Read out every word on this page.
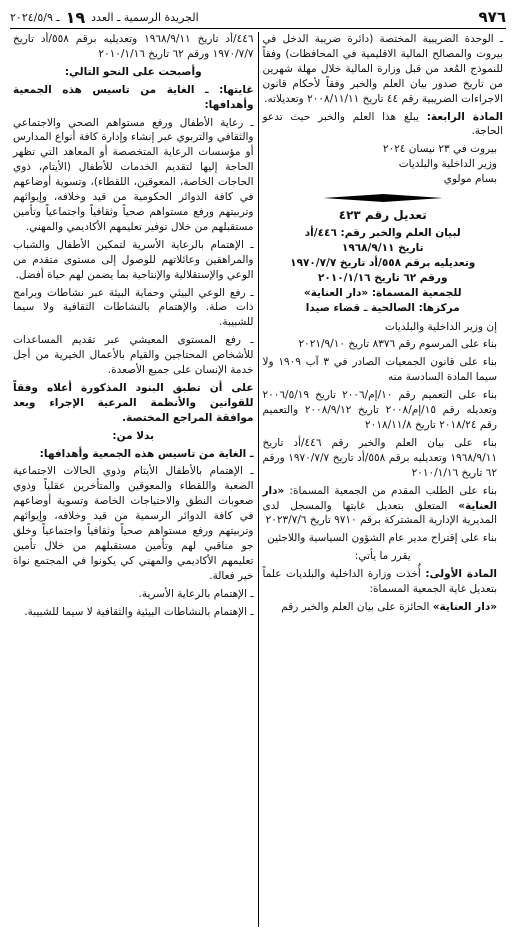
٩٧٦
الجريدة الرسمية ـ العدد
١٩
ـ ٢٠٢٤/٥/٩

ـ الوحدة الضريبية المختصة (دائرة ضريبة الدخل في بيروت والمصالح المالية الاقليمية في المحافظات) وفقاً للنموذج المُعد من قبل وزارة المالية خلال مهلة شهرين من تاريخ صدور بيان العلم والخبر وفقاً لأحكام قانون الاجراءات الضريبية رقم ٤٤ تاريخ ٢٠٠٨/١١/١١ وتعديلاته.

المادة الرابعة: يبلغ هذا العلم والخبر حيث تدعو الحاجة.

بيروت في ٢٣ نيسان ٢٠٢٤

وزير الداخلية والبلديات

بسام مولوي

تعديل رقم ٤٢٣

لبيان العلم والخبر رقم: ٤٤٦/أد

تاريخ ١٩٦٨/٩/١١

وتعديليه برقم ٥٥٨/أد تاريخ ١٩٧٠/٧/٧

ورقم ٦٢ تاريخ ٢٠١٠/١/١٦

للجمعية المسماة: «دار العناية»

مركزها: الصالحية ـ قضاء صيدا

إن وزير الداخلية والبلديات

بناء على المرسوم رقم ٨٣٧٦ تاريخ ٢٠٢١/٩/١٠

بناء على قانون الجمعيات الصادر في ٣ آب ١٩٠٩ ولا سيما المادة السادسة منه

بناء على التعميم رقم ١٠/إم/٢٠٠٦ تاريخ ٢٠٠٦/٥/١٩ وتعديله رقم ١٥/إم/٢٠٠٨ تاريخ ٢٠٠٨/٩/١٢ والتعميم رقم ٢٠١٨/٢٤ تاريخ ٢٠١٨/١١/٨

بناء على بيان العلم والخبر رقم ٤٤٦/أد تاريخ ١٩٦٨/٩/١١ وتعديليه برقم ٥٥٨/أد تاريخ ١٩٧٠/٧/٧ ورقم ٦٢ تاريخ ٢٠١٠/١/١٦

بناء على الطلب المقدم من الجمعية المسماة: «دار العناية» المتعلق بتعديل غايتها والمسجل لدى المديرية الإدارية المشتركة برقم ٩٧١٠ تاريخ ٢٠٢٣/٧/٦

بناء على إقتراح مدير عام الشؤون السياسية واللاجئين

يقرر ما يأتي:

المادة الأولى: أُخذت وزارة الداخلية والبلديات علماً بتعديل غاية الجمعية المسماة:

«دار العناية» الحائزة على بيان العلم والخبر رقم

٤٤٦/أد تاريخ ١٩٦٨/٩/١١ وتعديليه برقم ٥٥٨/أد تاريخ ١٩٧٠/٧/٧ ورقم ٦٢ تاريخ ٢٠١٠/١/١٦

وأصبحت على النحو التالي:

غايتها: ـ الغاية من تاسيس هذه الجمعية وأهدافها:

ـ رعاية الأطفال ورفع مستواهم الصحي والاجتماعي والثقافي والتربوي عبر إنشاء وإدارة كافة أنواع المدارس أو مؤسسات الرعاية المتخصصة أو المعاهد التي تظهر الحاجة إليها لتقديم الخدمات للأطفال (الأيتام، ذوي الحاجات الخاصة، المعوقين، اللقطاء)، وتسوية أوضاعهم في كافة الدوائر الحكومية من قيد وخلافه، وإيوائهم وتربيتهم ورفع مستواهم صحياً وثقافياً واجتماعياً وتأمين مستقبلهم من خلال توفير تعليمهم الأكاديمي والمهني.

ـ الإهتمام بالرعاية الأسرية لتمكين الأطفال والشباب والمراهقين وعائلاتهم للوصول إلى مستوى متقدم من الوعي والإستقلالية والإنتاجية بما يضمن لهم حياة أفضل.

ـ رفع الوعي البيئي وحماية البيئة عبر نشاطات وبرامج ذات صلة. والإهتمام بالنشاطات الثقافية ولا سيما للشبيبة.

ـ رفع المستوى المعيشي عبر تقديم المساعدات للأشخاص المحتاجين والقيام بالأعمال الخيرية من أجل خدمة الإنسان على جميع الأصعدة.

على أن تطبق البنود المذكورة أعلاه وفقاً للقوانين والأنظمة المرعية الإجراء وبعد موافقة المراجع المختصة.

بدلا من:

ـ الغاية من تاسيس هذه الجمعية وأهدافها:

ـ الإهتمام بالأطفال الأيتام وذوي الحالات الاجتماعية الصعبة واللقطاء والمعوقين والمتأخرين عقلياً وذوي صعوبات النطق والاحتياجات الخاصة وتسوية أوضاعهم في كافة الدوائر الرسمية من قيد وخلافه، وإيوائهم وتربيتهم ورفع مستواهم صحياً وثقافياً واجتماعياً وخلق جو مناقبي لهم وتأمين مستقبلهم من خلال تأمين تعليمهم الأكاديمي والمهني كي يكونوا في المجتمع نواة خير فعالة.

ـ الإهتمام بالرعاية الأسرية.

ـ الإهتمام بالنشاطات البيئية والثقافية لا سيما للشبيبة.
